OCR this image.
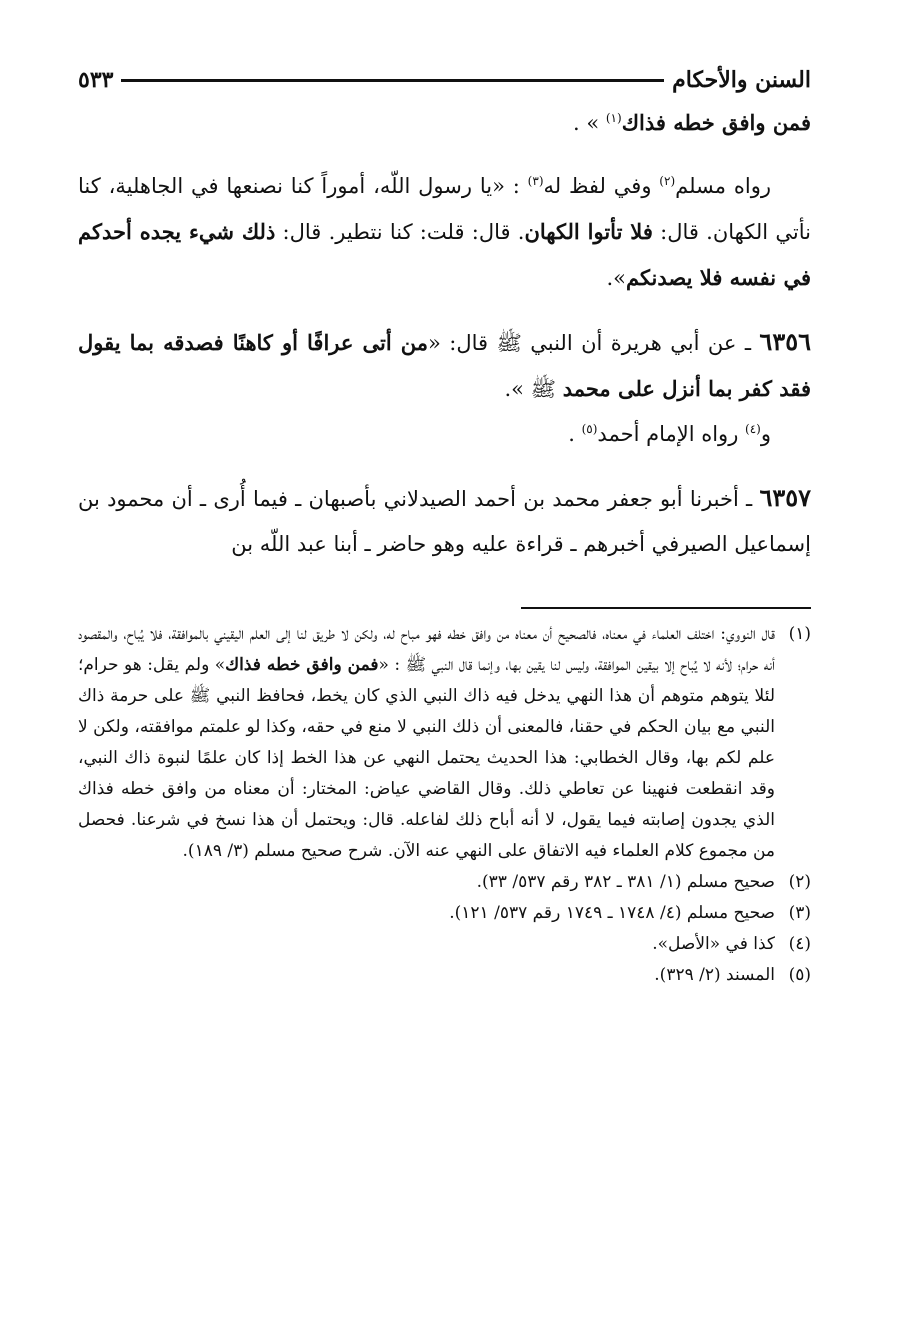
السنن والأحكام
٥٣٣

فمن وافق خطه فذاك$^{(١)}$ » .

رواه مسلم$^{(٢)}$ وفي لفظ له$^{(٣)}$ : «يا رسول اللّه، أموراً كنا نصنعها في الجاهلية، كنا نأتي الكهان. قال: فلا تأتوا الكهان. قال: قلت: كنا نتطير. قال: ذلك شيء يجده أحدكم في نفسه فلا يصدنكم».

٦٣٥٦ ـ عن أبي هريرة أن النبي ﷺ قال: «من أتى عرافًا أو كاهنًا فصدقه بما يقول فقد كفر بما أنزل على محمد ﷺ ».

و$^{(٤)}$ رواه الإمام أحمد$^{(٥)}$ .

٦٣٥٧ ـ أخبرنا أبو جعفر محمد بن أحمد الصيدلاني بأصبهان ـ فيما أُرى ـ أن محمود بن إسماعيل الصيرفي أخبرهم ـ قراءة عليه وهو حاضر ـ أبنا عبد اللّه بن

(١)قال النووي: اختلف العلماء في معناه، فالصحيح أن معناه من وافق خطه فهو مباح له، ولكن لا طريق لنا إلى العلم اليقيني بالموافقة، فلا يُباح، والمقصود أنه حرام؛ لأنه لا يُباح إلا بيقين الموافقة، وليس لنا يقين بها، وإنما قال النبي ﷺ : «فمن وافق خطه فذاك» ولم يقل: هو حرام؛ لئلا يتوهم متوهم أن هذا النهي يدخل فيه ذاك النبي الذي كان يخط، فحافظ النبي ﷺ على حرمة ذاك النبي مع بيان الحكم في حقنا، فالمعنى أن ذلك النبي لا منع في حقه، وكذا لو علمتم موافقته، ولكن لا علم لكم بها، وقال الخطابي: هذا الحديث يحتمل النهي عن هذا الخط إذا كان علمًا لنبوة ذاك النبي، وقد انقطعت فنهينا عن تعاطي ذلك. وقال القاضي عياض: المختار: أن معناه من وافق خطه فذاك الذي يجدون إصابته فيما يقول، لا أنه أباح ذلك لفاعله. قال: ويحتمل أن هذا نسخ في شرعنا. فحصل من مجموع كلام العلماء فيه الاتفاق على النهي عنه الآن. شرح صحيح مسلم (٣/ ١٨٩).

(٢)صحيح مسلم (١/ ٣٨١ ـ ٣٨٢ رقم ٥٣٧/ ٣٣).

(٣)صحيح مسلم (٤/ ١٧٤٨ ـ ١٧٤٩ رقم ٥٣٧/ ١٢١).

(٤)كذا في «الأصل».

(٥)المسند (٢/ ٣٢٩).
